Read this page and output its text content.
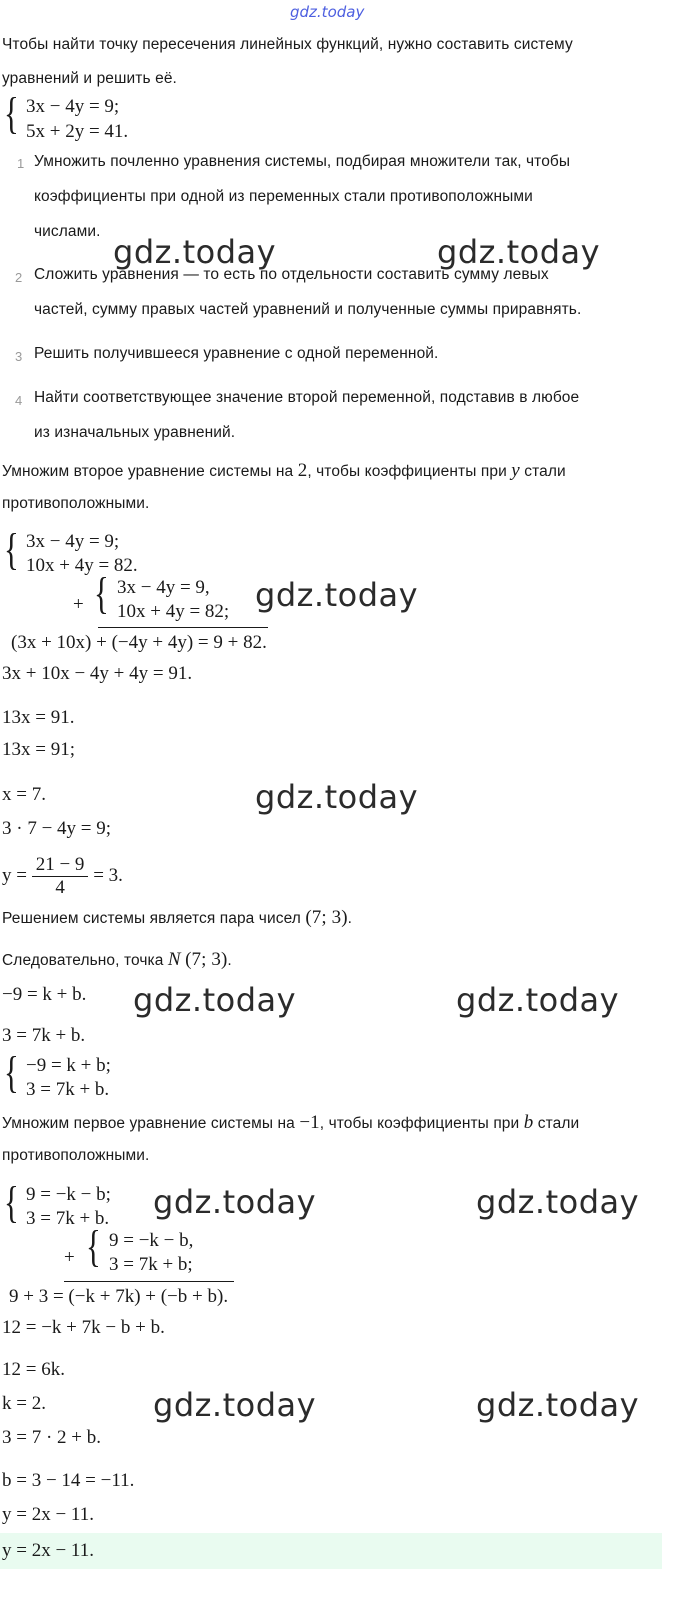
gdz.today
Чтобы найти точку пересечения линейных функций, нужно составить систему
уравнений и решить её.
{ 3x − 4y = 9;
5x + 2y = 41.
1 Умножить почленно уравнения системы, подбирая множители так, чтобы
коэффициенты при одной из переменных стали противоположными
числами.
2 Сложить уравнения — то есть по отдельности составить сумму левых
частей, сумму правых частей уравнений и полученные суммы приравнять.
3 Решить получившееся уравнение с одной переменной.
4 Найти соответствующее значение второй переменной, подставив в любое
из изначальных уравнений.
Умножим второе уравнение системы на 2, чтобы коэффициенты при y стали
противоположными.
{ 3x − 4y = 9;
10x + 4y = 82.
+ { 3x − 4y = 9,
10x + 4y = 82;
(3x + 10x) + (−4y + 4y) = 9 + 82.
3x + 10x − 4y + 4y = 91.
13x = 91.
13x = 91;
x = 7.
3 · 7 − 4y = 9;
$y = \frac{21 - 9}{4} = 3$.
Решением системы является пара чисел (7; 3).
Следовательно, точка N (7; 3).
−9 = k + b.
3 = 7k + b.
{ −9 = k + b;
3 = 7k + b.
Умножим первое уравнение системы на −1, чтобы коэффициенты при b стали
противоположными.
{ 9 = −k − b;
3 = 7k + b.
+ { 9 = −k − b,
3 = 7k + b;
9 + 3 = (−k + 7k) + (−b + b).
12 = −k + 7k − b + b.
12 = 6k.
k = 2.
3 = 7 · 2 + b.
b = 3 − 14 = −11.
y = 2x − 11.
y = 2x − 11.
gdz.today	gdz.today
gdz.today
gdz.today
gdz.today	gdz.today
gdz.today	gdz.today
gdz.today	gdz.today
